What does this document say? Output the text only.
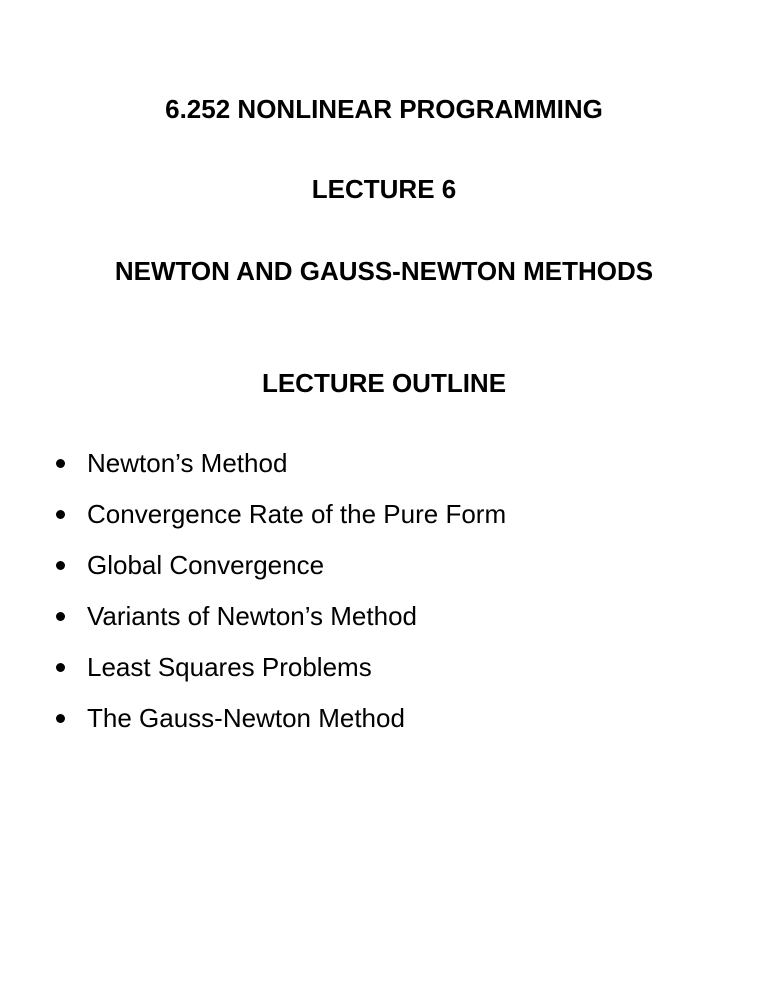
6.252 NONLINEAR PROGRAMMING
LECTURE 6
NEWTON AND GAUSS-NEWTON METHODS
LECTURE OUTLINE
Newton’s Method
Convergence Rate of the Pure Form
Global Convergence
Variants of Newton’s Method
Least Squares Problems
The Gauss-Newton Method
